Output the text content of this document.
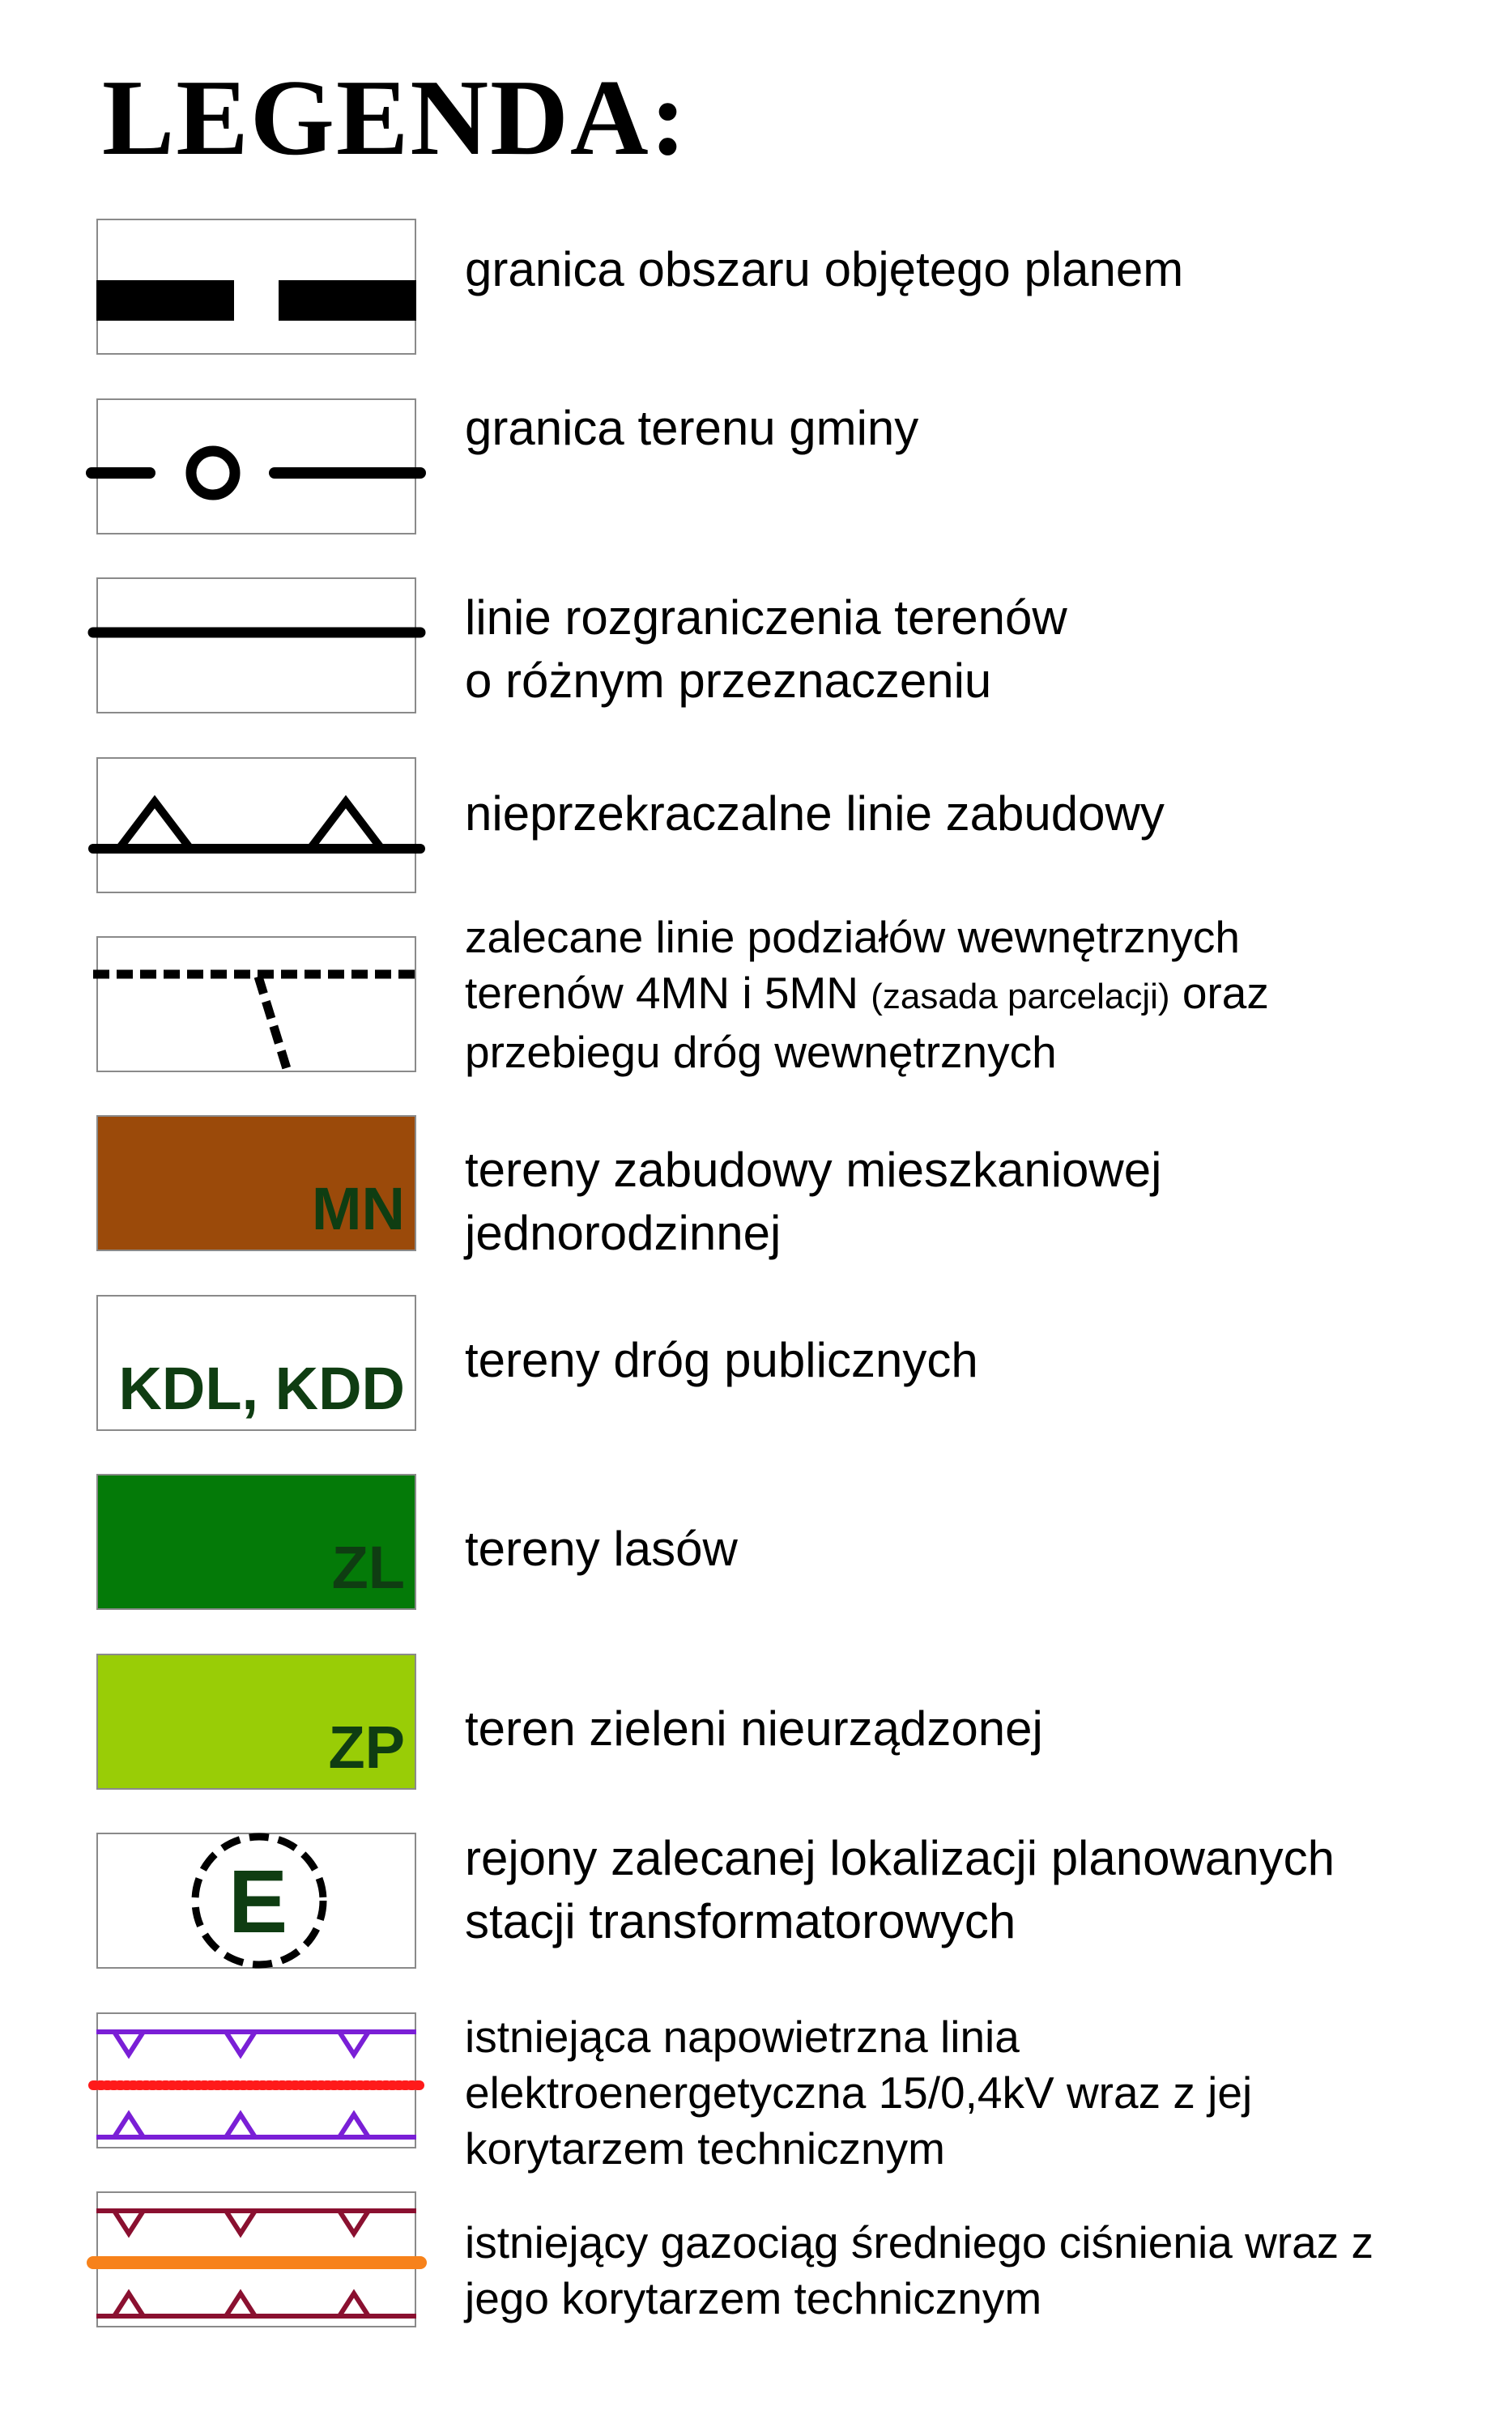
LEGENDA:
granica obszaru objętego planem
granica terenu gminy
linie rozgraniczenia terenów
o różnym przeznaczeniu
nieprzekraczalne linie zabudowy
zalecane linie podziałów wewnętrznych
terenów 4MN i 5MN (zasada parcelacji) oraz
przebiegu dróg wewnętrznych
MN
tereny zabudowy mieszkaniowej
jednorodzinnej
KDL, KDD tereny dróg publicznych
ZL tereny lasów
ZP teren zieleni nieurządzonej
E	rejony zalecanej lokalizacji planowanych
stacji transformatorowych
istniejąca napowietrzna linia
elektroenergetyczna 15/0,4kV wraz z jej
korytarzem technicznym
istniejący gazociąg średniego ciśnienia wraz z
jego korytarzem technicznym
